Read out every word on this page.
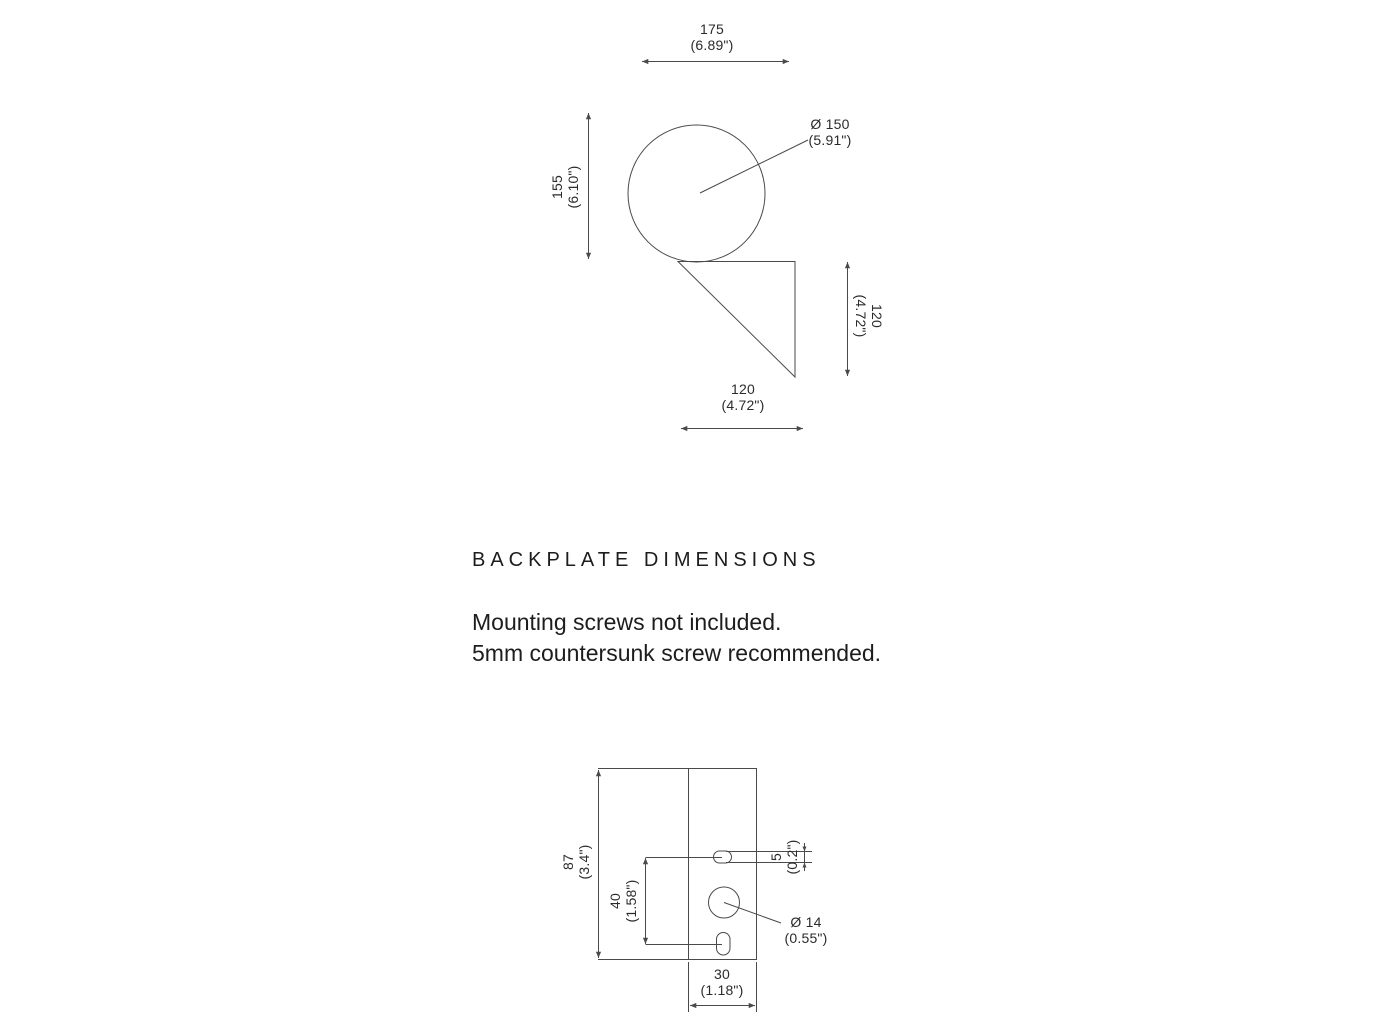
175
(6.89")
155 (6.10")
Ø 150
(5.91")
120
(4.72")
120
(4.72")
BACKPLATE DIMENSIONS
Mounting screws not included.
5mm countersunk screw recommended.
87 (3.4")
40 (1.58")
5 (0.2")
Ø 14
(0.55")
30
(1.18")
